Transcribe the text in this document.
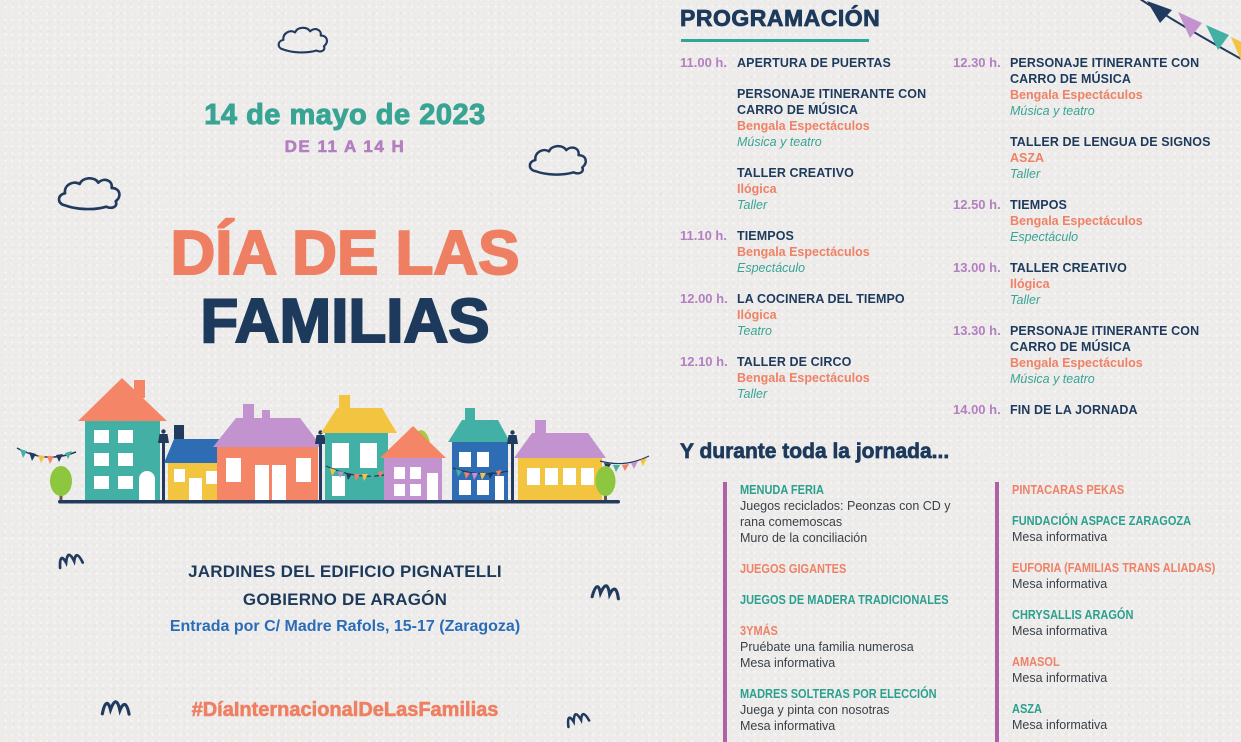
14 de mayo de 2023
DE 11 A 14 H
DÍA DE LAS
FAMILIAS
JARDINES DEL EDIFICIO PIGNATELLI
GOBIERNO DE ARAGÓN
Entrada por C/ Madre Rafols, 15-17 (Zaragoza)
#DíaInternacionalDeLasFamilias
PROGRAMACIÓN
11.00 h. APERTURA DE PUERTAS
PERSONAJE ITINERANTE CON CARRO DE MÚSICA
Bengala Espectáculos
Música y teatro
TALLER CREATIVO
Ilógica
Taller
11.10 h. TIEMPOS
Bengala Espectáculos
Espectáculo
12.00 h. LA COCINERA DEL TIEMPO
Ilógica
Teatro
12.10 h. TALLER DE CIRCO
Bengala Espectáculos
Taller
12.30 h. PERSONAJE ITINERANTE CON CARRO DE MÚSICA
Bengala Espectáculos
Música y teatro
TALLER DE LENGUA DE SIGNOS
ASZA
Taller
12.50 h. TIEMPOS
Bengala Espectáculos
Espectáculo
13.00 h. TALLER CREATIVO
Ilógica
Taller
13.30 h. PERSONAJE ITINERANTE CON CARRO DE MÚSICA
Bengala Espectáculos
Música y teatro
14.00 h. FIN DE LA JORNADA
Y durante toda la jornada...
MENUDA FERIA
Juegos reciclados: Peonzas con CD y rana comemoscas
Muro de la conciliación
JUEGOS GIGANTES
JUEGOS DE MADERA TRADICIONALES
3YMÁS
Pruébate una familia numerosa
Mesa informativa
MADRES SOLTERAS POR ELECCIÓN
Juega y pinta con nosotras
Mesa informativa
PINTACARAS PEKAS
FUNDACIÓN ASPACE ZARAGOZA
Mesa informativa
EUFORIA (FAMILIAS TRANS ALIADAS)
Mesa informativa
CHRYSALLIS ARAGÓN
Mesa informativa
AMASOL
Mesa informativa
ASZA
Mesa informativa
